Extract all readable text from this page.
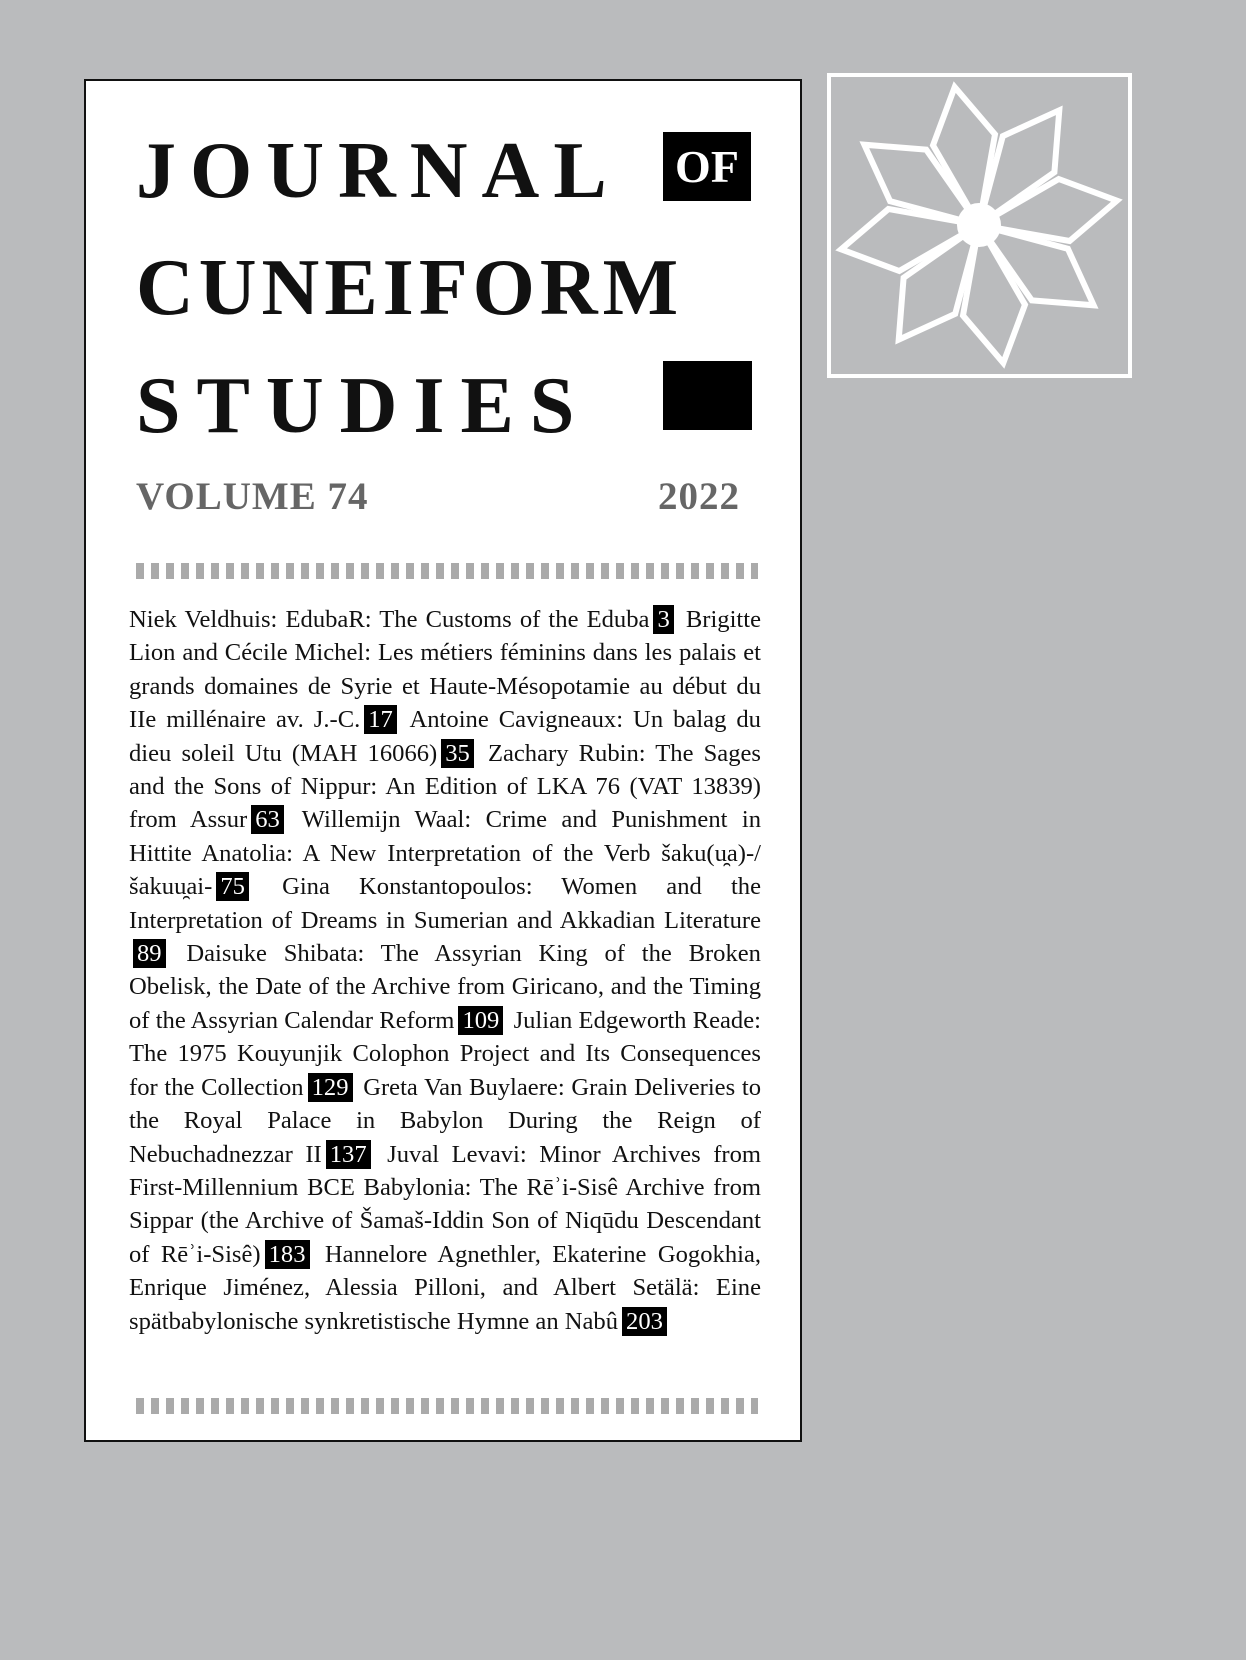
JOURNAL OF
CUNEIFORM
STUDIES
VOLUME 74	2022
Niek Veldhuis: EdubaR: The Customs of the Eduba 3 Brigitte Lion and Cécile Michel: Les métiers féminins dans les palais et grands domaines de Syrie et Haute-Mésopotamie au début du IIe millénaire av. J.-C. 17 Antoine Cavigneaux: Un balag du dieu soleil Utu (MAH 16066) 35 Zachary Rubin: The Sages and the Sons of Nippur: An Edition of LKA 76 (VAT 13839) from Assur 63 Willemijn Waal: Crime and Punishment in Hittite Anatolia: A New Interpretation of the Verb šaku(u̯a)-/šakuu̯ai- 75 Gina Konstantopoulos: Women and the Interpretation of Dreams in Sumerian and Akkadian Literature89 Daisuke Shibata: The Assyrian King of the Broken Obelisk, the Date of the Archive from Giricano, and the Timing of the Assyrian Calendar Reform 109 Julian Edgeworth Reade: The 1975 Kouyunjik Colophon Project and Its Consequences for the Collection 129 Greta Van Buylaere: Grain Deliveries to the Royal Palace in Babylon During the Reign of Nebuchadnezzar II 137 Juval Levavi: Minor Archives from First-Millennium BCE Babylonia: The Rēʾi-Sisê Archive from Sippar (the Archive of Šamaš-Iddin Son of Niqūdu Descendant of Rēʾi-Sisê) 183 Hannelore Agnethler, Ekaterine Gogokhia, Enrique Jiménez, Alessia Pilloni, and Albert Setälä: Eine spätbabylonische synkretistische Hymne an Nabû 203
